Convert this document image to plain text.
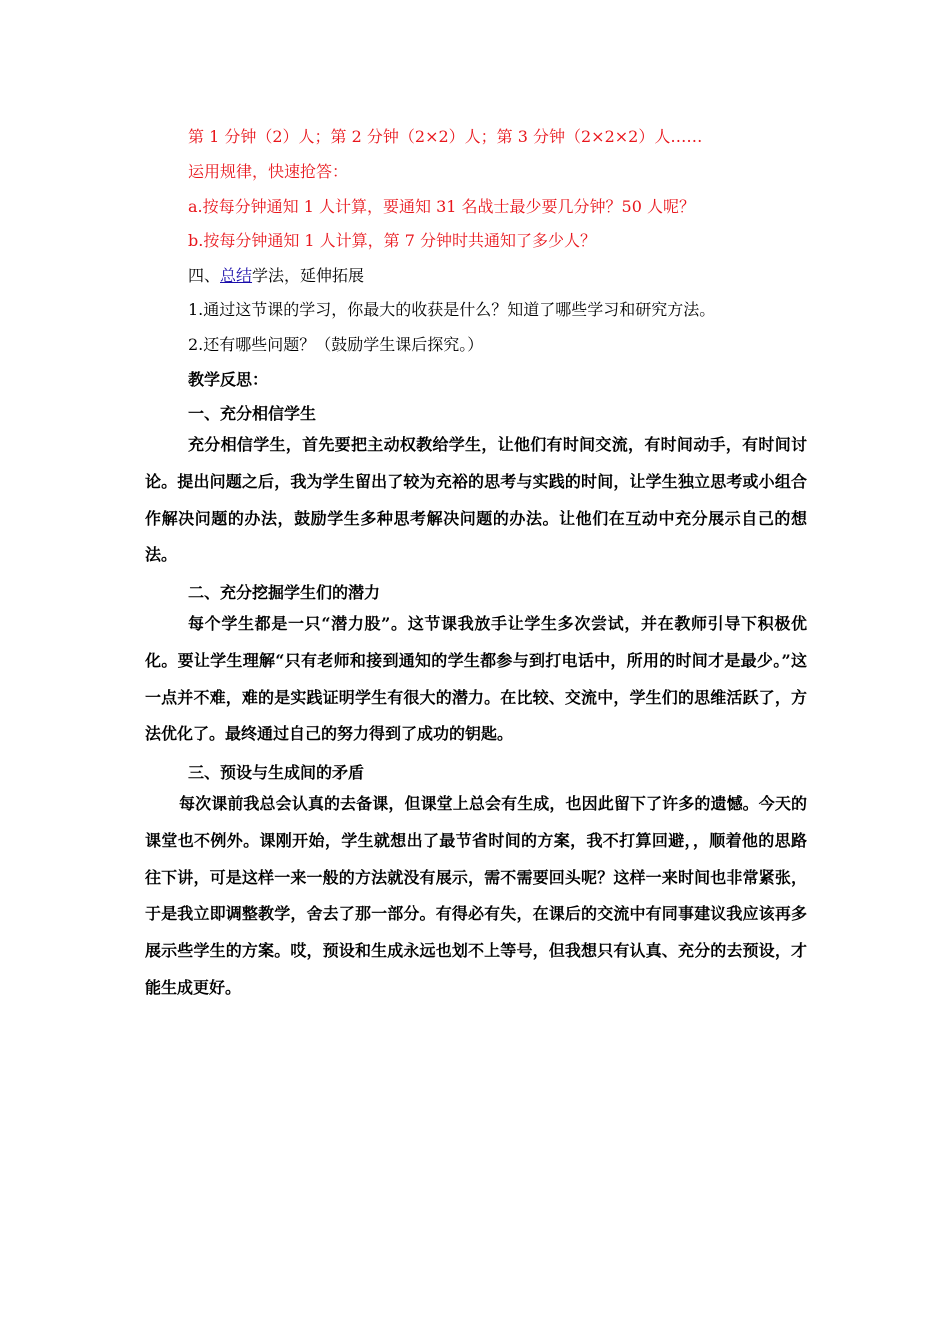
第 1 分钟（2）人；第 2 分钟（2×2）人；第 3 分钟（2×2×2）人……
运用规律，快速抢答：
a.按每分钟通知 1 人计算，要通知 31 名战士最少要几分钟？50 人呢？
b.按每分钟通知 1 人计算，第 7 分钟时共通知了多少人？
四、总结学法，延伸拓展
1.通过这节课的学习，你最大的收获是什么？知道了哪些学习和研究方法。
2.还有哪些问题？（鼓励学生课后探究。）
教学反思：
一、充分相信学生

充分相信学生，首先要把主动权教给学生，让他们有时间交流，有时间动手，有时间讨论。提出问题之后，我为学生留出了较为充裕的思考与实践的时间，让学生独立思考或小组合作解决问题的办法，鼓励学生多种思考解决问题的办法。让他们在互动中充分展示自己的想法。

二、充分挖掘学生们的潜力

每个学生都是一只“潜力股”。这节课我放手让学生多次尝试，并在教师引导下积极优化。要让学生理解“只有老师和接到通知的学生都参与到打电话中，所用的时间才是最少。”这一点并不难，难的是实践证明学生有很大的潜力。在比较、交流中，学生们的思维活跃了，方法优化了。最终通过自己的努力得到了成功的钥匙。

三、预设与生成间的矛盾

每次课前我总会认真的去备课，但课堂上总会有生成，也因此留下了许多的遗憾。今天的课堂也不例外。课刚开始，学生就想出了最节省时间的方案，我不打算回避，，顺着他的思路往下讲，可是这样一来一般的方法就没有展示，需不需要回头呢？这样一来时间也非常紧张，于是我立即调整教学，舍去了那一部分。有得必有失，在课后的交流中有同事建议我应该再多展示些学生的方案。哎，预设和生成永远也划不上等号，但我想只有认真、充分的去预设，才能生成更好。
